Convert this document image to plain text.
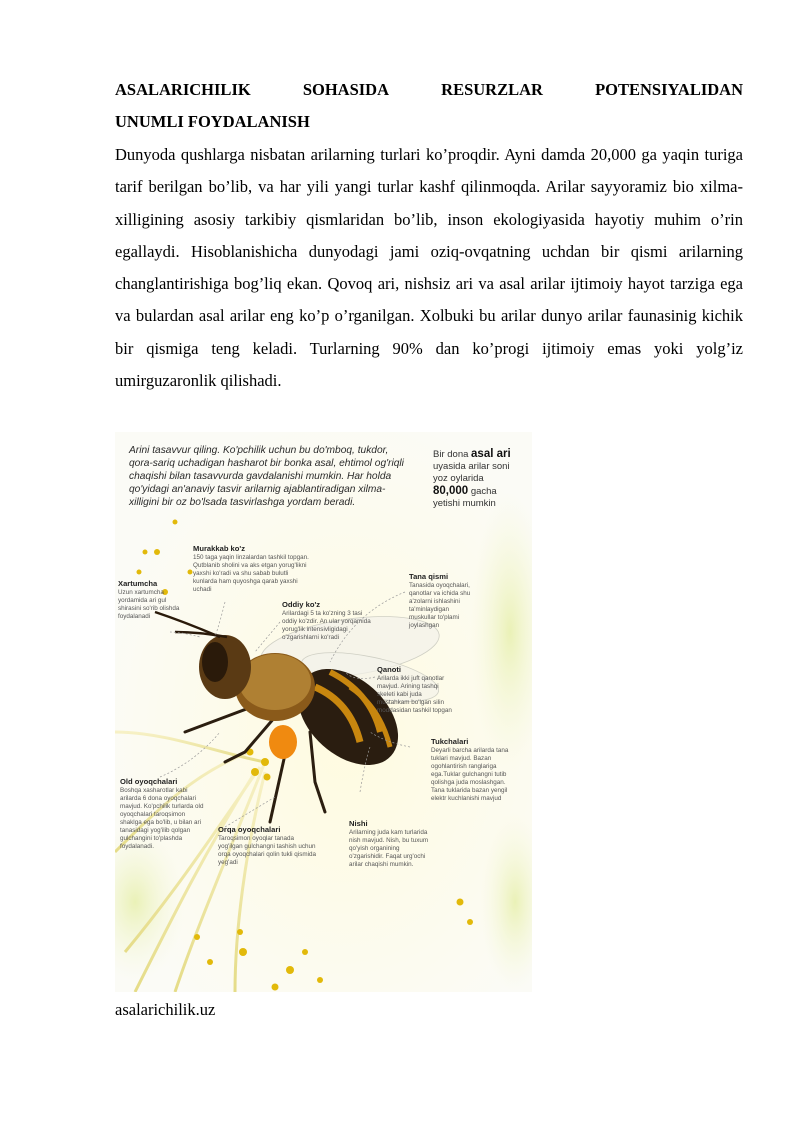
ASALARICHILIK	SOHASIDA	RESURZLAR	POTENSIYALIDAN
UNUMLI FOYDALANISH
Dunyoda qushlarga nisbatan arilarning turlari ko’proqdir. Ayni damda 20,000 ga yaqin turiga tarif berilgan bo’lib, va har yili yangi turlar kashf qilinmoqda. Arilar sayyoramiz bio xilma-xilligining asosiy tarkibiy qismlaridan bo’lib, inson ekologiyasida hayotiy muhim o’rin egallaydi. Hisoblanishicha dunyodagi jami oziq-ovqatning uchdan bir qismi arilarning changlantirishiga bog’liq ekan. Qovoq ari, nishsiz ari va asal arilar ijtimoiy hayot tarziga ega va bulardan asal arilar eng ko’p o’rganilgan. Xolbuki bu arilar dunyo arilar faunasinig kichik bir qismiga teng keladi. Turlarning 90% dan ko’progi ijtimoiy emas yoki yolg’iz umirguzaronlik qilishadi.
Arini tasavvur qiling. Ko'pchilik uchun bu do'mboq, tukdor, qora-sariq uchadigan hasharot bir bonka asal, ehtimol og'riqli chaqishi bilan tasavvurda gavdalanishi mumkin. Har holda qo'yidagi an'anaviy tasvir arilarnig ajablantiradigan xilma-xilligini bir oz bo'lsada tasvirlashga yordam beradi.
Bir dona asal ari
uyasida arilar soni
yoz oylarida
80,000 gacha
yetishi mumkin
Murakkab ko'z
150 taga yaqin linzalardan tashkil topgan. Qutblanib sholini va aks etgan yorug'likni yaxshi ko'radi va shu sabab bulutli kunlarda ham quyoshga qarab yaxshi uchadi
Xartumcha
Uzun xartumcha yordamida ari gul shirasini so'rib olishda foydalanadi
Oddiy ko'z
Arilardagi 5 ta ko'zning 3 tasi oddiy ko'zdir. An ular yorqamida yorug'lik intensivligidagi o'zgarishlarni ko'radi
Tana qismi
Tanasida oyoqchalari, qanotlar va ichida shu a'zolarni ishlashini ta'minlaydigan muskullar to'plami joylashgan
Qanoti
Arilarda ikki juft qanotlar mavjud. Arining tashqi skeleti kabi juda mustahkam bo'lgan silin moddasidan tashkil topgan
Tukchalari
Deyarli barcha arilarda tana tuklari mavjud. Bazan ogohlantirish ranglariga ega.Tuklar gulchangni tutib qolishga juda moslashgan. Tana tuklarida bazan yengil elektr kuchlanishi mavjud
Old oyoqchalari
Boshqa xasharotlar kabi arilarda 6 dona oyoqchalari mavjud. Ko'pchilik turlarda old oyoqchalari taroqsimon shaklga ega bo'lib, u bilan ari tanasidagi yog'ilib qolgan gulchangini to'plashda foydalanadi.
Orqa oyoqchalari
Taroqsimon oyoqlar tanada yog'ilgan gulchangni tashish uchun orqa oyoqchalari qolin tukli qismida yeg'adi
Nishi
Arilarning juda kam turlarida nish mavjud. Nish, bu tuxum qo'yish organining o'zgarishidir. Faqat urg'ochi arilar chaqishi mumkin.
asalarichilik.uz
